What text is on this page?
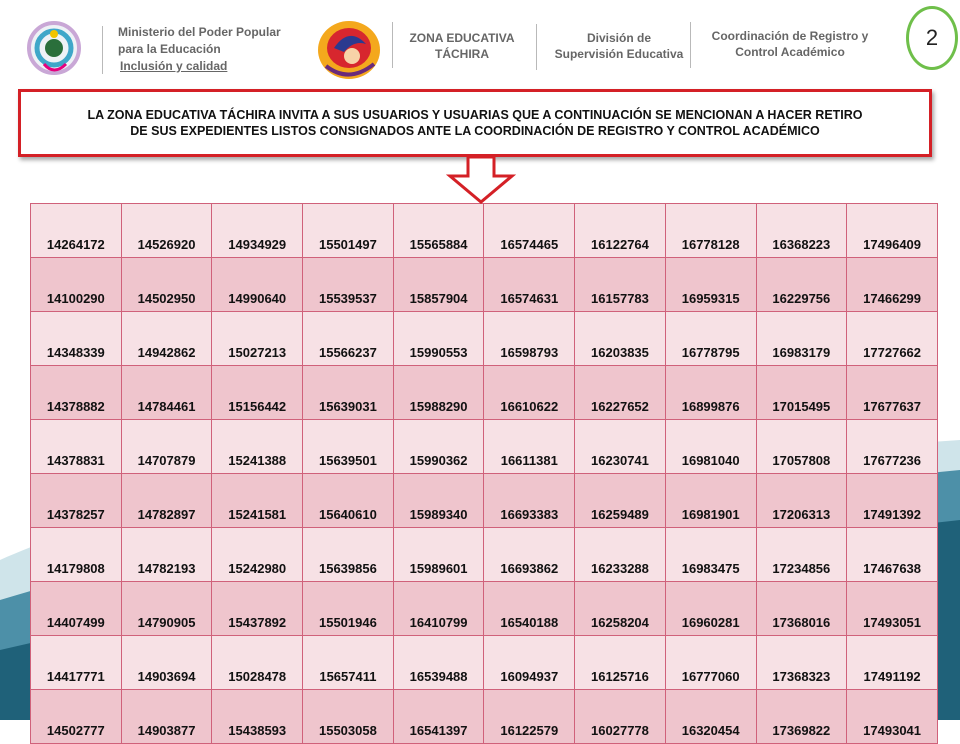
Ministerio del Poder Popular
para la Educación

Inclusión y calidad
ZONA EDUCATIVA
TÁCHIRA
División de
Supervisión Educativa
Coordinación de Registro y
Control Académico
2
LA ZONA EDUCATIVA TÁCHIRA INVITA A SUS USUARIOS Y USUARIAS QUE A CONTINUACIÓN SE MENCIONAN A HACER RETIRO
DE SUS EXPEDIENTES LISTOS CONSIGNADOS ANTE LA COORDINACIÓN DE REGISTRO Y CONTROL ACADÉMICO
14264172	14526920	14934929	15501497	15565884	16574465	16122764	16778128	16368223	17496409
14100290	14502950	14990640	15539537	15857904	16574631	16157783	16959315	16229756	17466299
14348339	14942862	15027213	15566237	15990553	16598793	16203835	16778795	16983179	17727662
14378882	14784461	15156442	15639031	15988290	16610622	16227652	16899876	17015495	17677637
14378831	14707879	15241388	15639501	15990362	16611381	16230741	16981040	17057808	17677236
14378257	14782897	15241581	15640610	15989340	16693383	16259489	16981901	17206313	17491392
14179808	14782193	15242980	15639856	15989601	16693862	16233288	16983475	17234856	17467638
14407499	14790905	15437892	15501946	16410799	16540188	16258204	16960281	17368016	17493051
14417771	14903694	15028478	15657411	16539488	16094937	16125716	16777060	17368323	17491192
14502777	14903877	15438593	15503058	16541397	16122579	16027778	16320454	17369822	17493041
